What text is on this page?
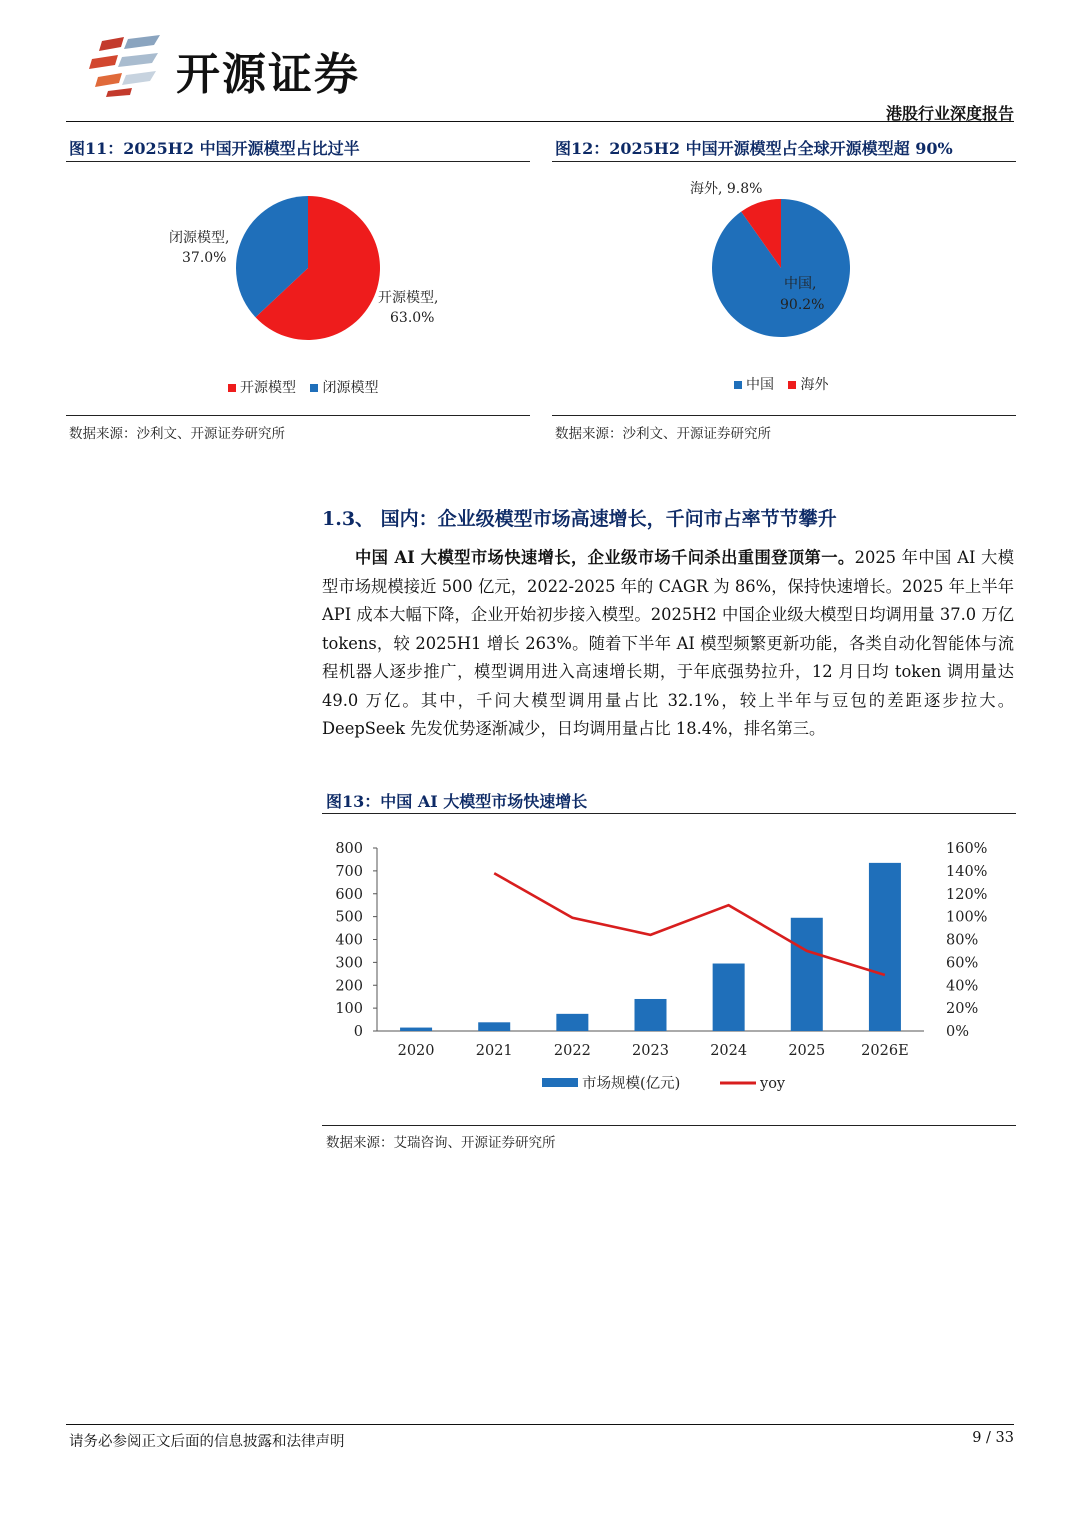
开源证券
港股行业深度报告
图11：2025H2 中国开源模型占比过半
闭源模型,
37.0%
开源模型,
63.0%
开源模型 闭源模型
数据来源：沙利文、开源证券研究所
图12：2025H2 中国开源模型占全球开源模型超 90%
海外, 9.8%
中国,
90.2%
中国 海外
数据来源：沙利文、开源证券研究所
1.3、 国内：企业级模型市场高速增长，千问市占率节节攀升
中国 AI 大模型市场快速增长，企业级市场千问杀出重围登顶第一。2025 年中国 AI 大模型市场规模接近 500 亿元，2022-2025 年的 CAGR 为 86%，保持快速增长。2025 年上半年 API 成本大幅下降，企业开始初步接入模型。2025H2 中国企业级大模型日均调用量 37.0 万亿 tokens，较 2025H1 增长 263%。随着下半年 AI 模型频繁更新功能，各类自动化智能体与流程机器人逐步推广，模型调用进入高速增长期，于年底强势拉升，12 月日均 token 调用量达 49.0 万亿。其中，千问大模型调用量占比 32.1%，较上半年与豆包的差距逐步拉大。DeepSeek 先发优势逐渐减少，日均调用量占比 18.4%，排名第三。
图13：中国 AI 大模型市场快速增长
0
100
200
300
400
500
600
700
800
0%
20%
40%
60%
80%
100%
120%
140%
160%
2020	2021	2022	2023	2024	2025 2026E
市场规模(亿元)	yoy
数据来源：艾瑞咨询、开源证券研究所
请务必参阅正文后面的信息披露和法律声明	9 / 33
